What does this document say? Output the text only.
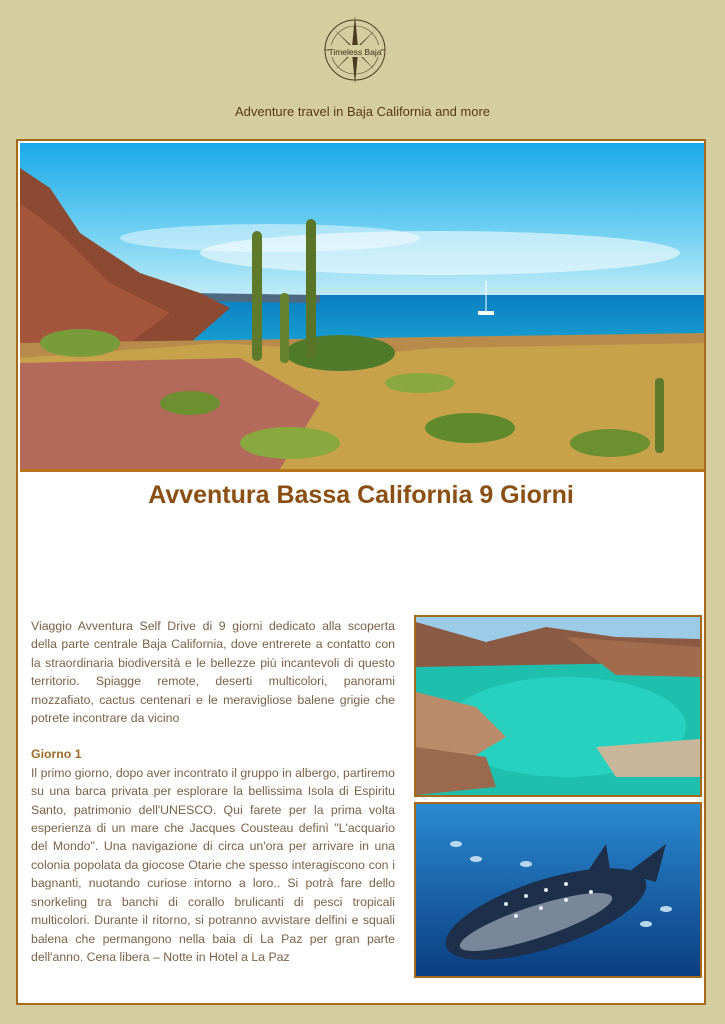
Timeless Baja
Adventure travel in Baja California and more
Avventura Bassa California 9 Giorni

Viaggio Avventura Self Drive di 9 giorni dedicato alla scoperta della parte centrale Baja California, dove entrerete a contatto con la straordinaria biodiversità e le bellezze più incantevoli di questo territorio. Spiagge remote, deserti multicolori, panorami mozzafiato, cactus centenari e le meravigliose balene grigie che potrete incontrare da vicino

Giorno 1

Il primo giorno, dopo aver incontrato il gruppo in albergo, partiremo su una barca privata per esplorare la bellissima Isola di Espiritu Santo, patrimonio dell'UNESCO. Qui farete per la prima volta esperienza di un mare che Jacques Cousteau definì "L'acquario del Mondo". Una navigazione di circa un'ora per arrivare in una colonia popolata da giocose Otarie che spesso interagiscono con i bagnanti, nuotando curiose intorno a loro.. Si potrà fare dello snorkeling tra banchi di corallo brulicanti di pesci tropicali multicolori. Durante il ritorno, si potranno avvistare delfini e squali balena che permangono nella baia di La Paz per gran parte dell'anno. Cena libera – Notte in Hotel a La Paz
